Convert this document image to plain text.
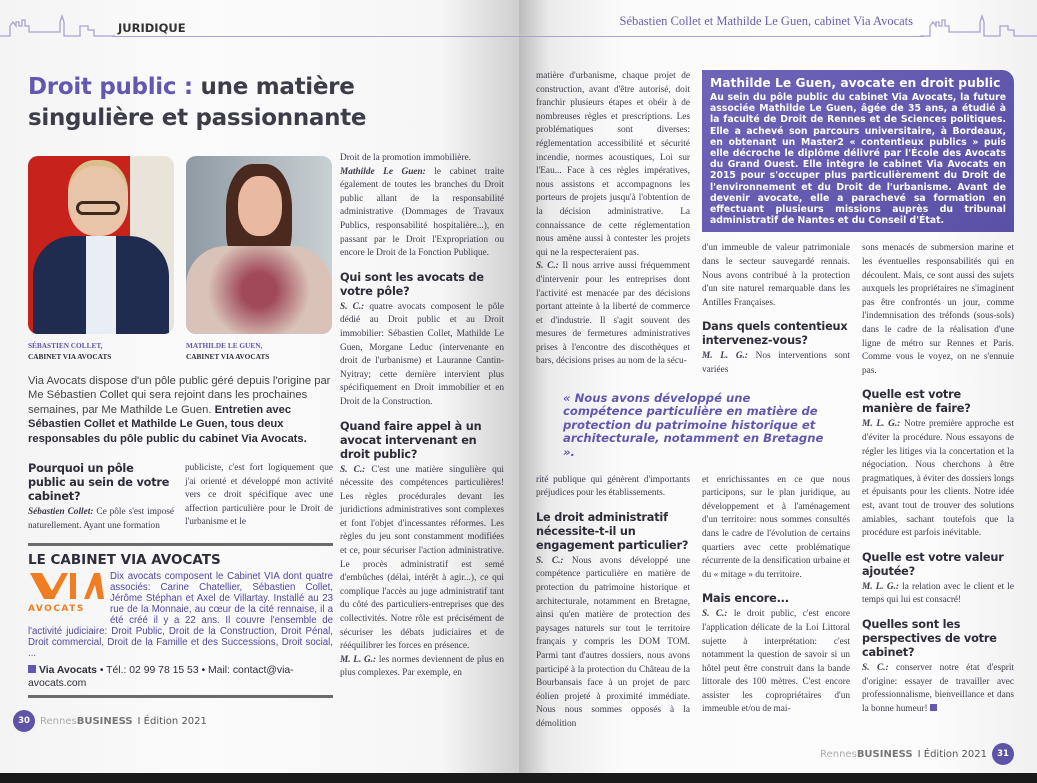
JURIDIQUE
Droit public : une matière singulière et passionnante
SÉBASTIEN COLLET,
CABINET VIA AVOCATS
MATHILDE LE GUEN,
CABINET VIA AVOCATS
Via Avocats dispose d'un pôle public géré depuis l'origine par Me Sébastien Collet qui sera rejoint dans les prochaines semaines, par Me Mathilde Le Guen. Entretien avec Sébastien Collet et Mathilde Le Guen, tous deux responsables du pôle public du cabinet Via Avocats.
Pourquoi un pôle public au sein de votre cabinet?

Sébastien Collet: Ce pôle s'est imposé naturellement. Ayant une formation

publiciste, c'est fort logiquement que j'ai orienté et développé mon activité vers ce droit spécifique avec une affection particulière pour le Droit de l'urbanisme et le

LE CABINET VIA AVOCATS
AVOCATS
Dix avocats composent le Cabinet VIA dont quatre associés: Carine Chatellier, Sébastien Collet, Jérôme Stéphan et Axel de Villartay. Installé au 23 rue de la Monnaie, au cœur de la cité rennaise, il a été créé il y a 22 ans. Il couvre l'ensemble de l'activité judiciaire: Droit Public, Droit de la Construction, Droit Pénal, Droit commercial, Droit de la Famille et des Successions, Droit social, ...
Via Avocats • Tél.: 02 99 78 15 53 • Mail: contact@via-avocats.com
30	RennesBUSINESS I Édition 2021

Droit de la promotion immobilière.

Mathilde Le Guen: le cabinet traite également de toutes les branches du Droit public allant de la responsabilité administrative (Dommages de Travaux Publics, responsabilité hospitalière...), en passant par le Droit l'Expropriation ou encore le Droit de la Fonction Publique.

Qui sont les avocats de votre pôle?

S. C.: quatre avocats composent le pôle dédié au Droit public et au Droit immobilier: Sébastien Collet, Mathilde Le Guen, Morgane Leduc (intervenante en droit de l'urbanisme) et Lauranne Cantin-Nyitray; cette dernière intervient plus spécifiquement en Droit immobilier et en Droit de la Construction.

Quand faire appel à un avocat intervenant en droit public?

S. C.: C'est une matière singulière qui nécessite des compétences particulières! Les règles procédurales devant les juridictions administratives sont complexes et font l'objet d'incessantes réformes. Les règles du jeu sont constamment modifiées et ce, pour sécuriser l'action administrative. Le procès administratif est semé d'embûches (délai, intérêt à agir...), ce qui complique l'accès au juge administratif tant du côté des particuliers-entreprises que des collectivités. Notre rôle est précisément de sécuriser les débats judiciaires et de rééquilibrer les forces en présence.

M. L. G.: les normes deviennent de plus en plus complexes. Par exemple, en

Sébastien Collet et Mathilde Le Guen, cabinet Via Avocats

matière d'urbanisme, chaque projet de construction, avant d'être autorisé, doit franchir plusieurs étapes et obéir à de nombreuses règles et prescriptions. Les problématiques sont diverses: réglementation accessibilité et sécurité incendie, normes acoustiques, Loi sur l'Eau... Face à ces règles impératives, nous assistons et accompagnons les porteurs de projets jusqu'à l'obtention de la décision administrative. La connaissance de cette réglementation nous amène aussi à contester les projets qui ne la respecteraient pas.

S. C.: Il nous arrive aussi fréquemment d'intervenir pour les entreprises dont l'activité est menacée par des décisions portant atteinte à la liberté de commerce et d'industrie. Il s'agit souvent des mesures de fermetures administratives prises à l'encontre des discothèques et bars, décisions prises au nom de la sécu-

Mathilde Le Guen, avocate en droit public

Au sein du pôle public du cabinet Via Avocats, la future associée Mathilde Le Guen, âgée de 35 ans, a étudié à la faculté de Droit de Rennes et de Sciences politiques. Elle a achevé son parcours universitaire, à Bordeaux, en obtenant un Master2 « contentieux publics » puis elle décroche le diplôme délivré par l'École des Avocats du Grand Ouest. Elle intègre le cabinet Via Avocats en 2015 pour s'occuper plus particulièrement du Droit de l'environnement et du Droit de l'urbanisme. Avant de devenir avocate, elle a parachevé sa formation en effectuant plusieurs missions auprès du tribunal administratif de Nantes et du Conseil d'État.

d'un immeuble de valeur patrimoniale dans le secteur sauvegardé rennais. Nous avons contribué à la protection d'un site naturel remarquable dans les Antilles Françaises.

Dans quels contentieux intervenez-vous?

M. L. G.: Nos interventions sont variées

sons menacés de submersion marine et les éventuelles responsabilités qui en découlent. Mais, ce sont aussi des sujets auxquels les propriétaires ne s'imaginent pas être confrontés un jour, comme l'indemnisation des tréfonds (sous-sols) dans le cadre de la réalisation d'une ligne de métro sur Rennes et Paris. Comme vous le voyez, on ne s'ennuie pas.

Quelle est votre manière de faire?

M. L. G.: Notre première approche est d'éviter la procédure. Nous essayons de régler les litiges via la concertation et la négociation. Nous cherchons à être pragmatiques, à éviter des dossiers longs et épuisants pour les clients. Notre idée est, avant tout de trouver des solutions amiables, sachant toutefois que la procédure est parfois inévitable.

Quelle est votre valeur ajoutée?

M. L. G.: la relation avec le client et le temps qui lui est consacré!

Quelles sont les perspectives de votre cabinet?

S. C.: conserver notre état d'esprit d'origine: essayer de travailler avec professionnalisme, bienveillance et dans la bonne humeur!

« Nous avons développé une compétence particulière en matière de protection du patrimoine historique et architecturale, notamment en Bretagne ».

rité publique qui génèrent d'importants préjudices pour les établissements.

Le droit administratif nécessite-t-il un engagement particulier?

S. C.: Nous avons développé une compétence particulière en matière de protection du patrimoine historique et architecturale, notamment en Bretagne, ainsi qu'en matière de protection des paysages naturels sur tout le territoire français y compris les DOM TOM. Parmi tant d'autres dossiers, nous avons participé à la protection du Château de la Bourbansais face à un projet de parc éolien projeté à proximité immédiate. Nous nous sommes opposés à la démolition

et enrichissantes en ce que nous participons, sur le plan juridique, au développement et à l'aménagement d'un territoire: nous sommes consultés dans le cadre de l'évolution de certains quartiers avec cette problématique récurrente de la densification urbaine et du « mitage » du territoire.

Mais encore...

S. C.: le droit public, c'est encore l'application délicate de la Loi Littoral sujette à interprétation: c'est notamment la question de savoir si un hôtel peut être construit dans la bande littorale des 100 mètres. C'est encore assister les copropriétaires d'un immeuble et/ou de mai-

RennesBUSINESS I Édition 2021	31
